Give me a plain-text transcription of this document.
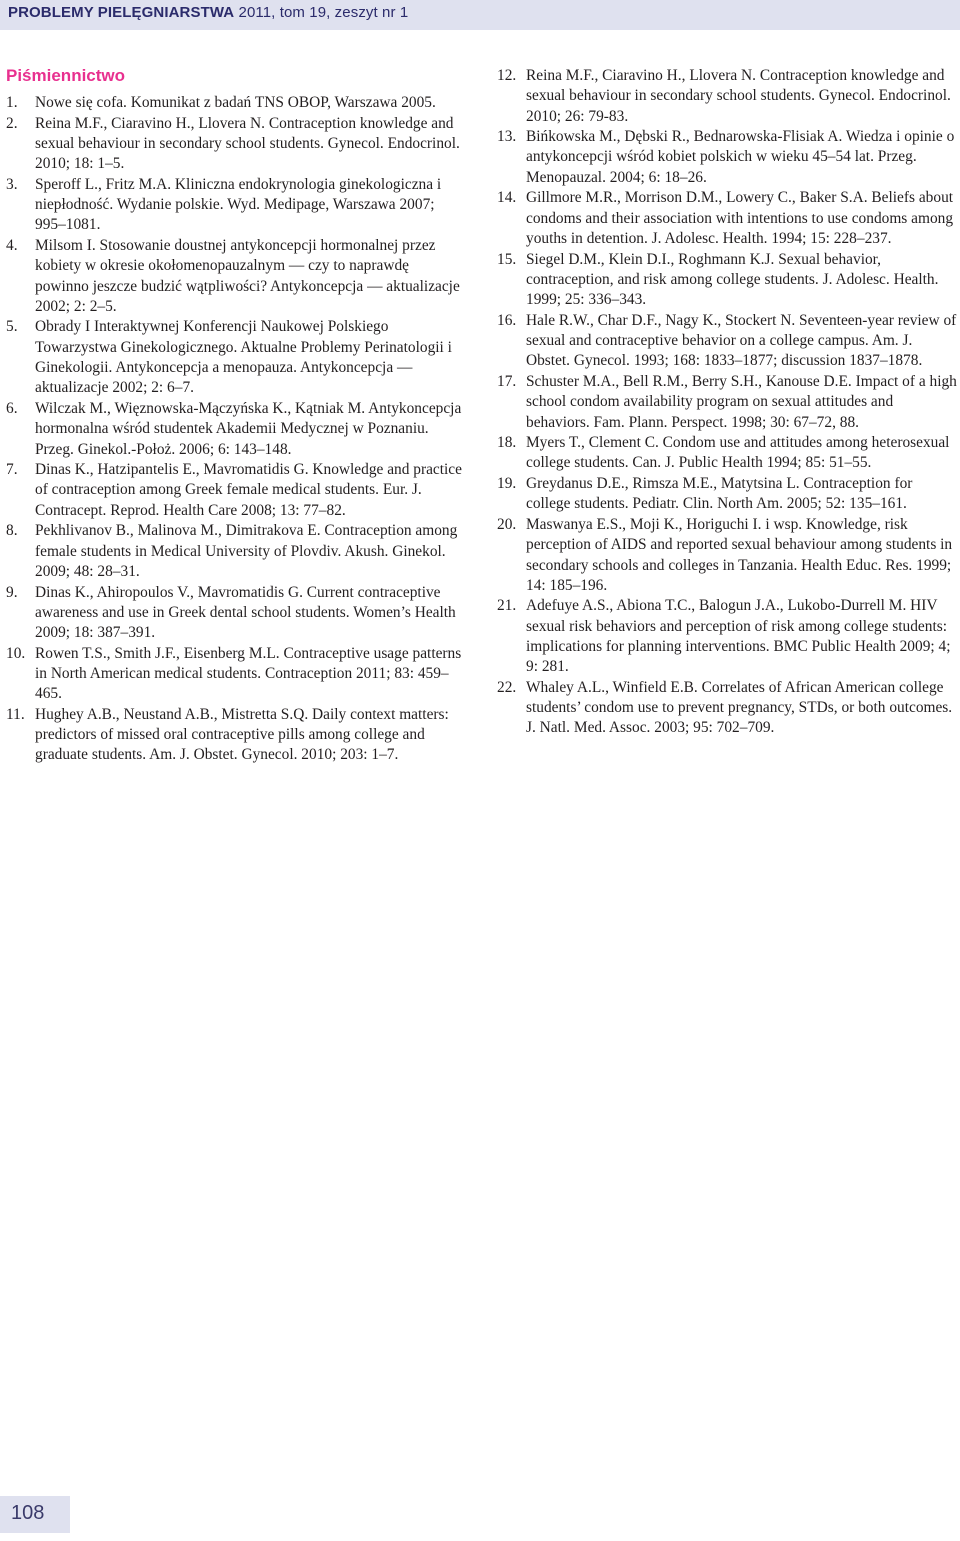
PROBLEMY PIELĘGNIARSTWA 2011, tom 19, zeszyt nr 1
Piśmiennictwo
1. Nowe się cofa. Komunikat z badań TNS OBOP, Warszawa 2005.
2. Reina M.F., Ciaravino H., Llovera N. Contraception knowledge and sexual behaviour in secondary school students. Gynecol. Endocrinol. 2010; 18: 1–5.
3. Speroff L., Fritz M.A. Kliniczna endokrynologia ginekologiczna i niepłodność. Wydanie polskie. Wyd. Medipage, Warszawa 2007; 995–1081.
4. Milsom I. Stosowanie doustnej antykoncepcji hormonalnej przez kobiety w okresie okołomenopauzalnym — czy to naprawdę powinno jeszcze budzić wątpliwości? Antykoncepcja — aktualizacje 2002; 2: 2–5.
5. Obrady I Interaktywnej Konferencji Naukowej Polskiego Towarzystwa Ginekologicznego. Aktualne Problemy Perinatologii i Ginekologii. Antykoncepcja a menopauza. Antykoncepcja — aktualizacje 2002; 2: 6–7.
6. Wilczak M., Więznowska-Mączyńska K., Kątniak M. Antykoncepcja hormonalna wśród studentek Akademii Medycznej w Poznaniu. Przeg. Ginekol.-Położ. 2006; 6: 143–148.
7. Dinas K., Hatzipantelis E., Mavromatidis G. Knowledge and practice of contraception among Greek female medical students. Eur. J. Contracept. Reprod. Health Care 2008; 13: 77–82.
8. Pekhlivanov B., Malinova M., Dimitrakova E. Contraception among female students in Medical University of Plovdiv. Akush. Ginekol. 2009; 48: 28–31.
9. Dinas K., Ahiropoulos V., Mavromatidis G. Current contraceptive awareness and use in Greek dental school students. Women’s Health 2009; 18: 387–391.
10. Rowen T.S., Smith J.F., Eisenberg M.L. Contraceptive usage patterns in North American medical students. Contraception 2011; 83: 459–465.
11. Hughey A.B., Neustand A.B., Mistretta S.Q. Daily context matters: predictors of missed oral contraceptive pills among college and graduate students. Am. J. Obstet. Gynecol. 2010; 203: 1–7.
12. Reina M.F., Ciaravino H., Llovera N. Contraception knowledge and sexual behaviour in secondary school students. Gynecol. Endocrinol. 2010; 26: 79-83.
13. Bińkowska M., Dębski R., Bednarowska-Flisiak A. Wiedza i opinie o antykoncepcji wśród kobiet polskich w wieku 45–54 lat. Przeg. Menopauzal. 2004; 6: 18–26.
14. Gillmore M.R., Morrison D.M., Lowery C., Baker S.A. Beliefs about condoms and their association with intentions to use condoms among youths in detention. J. Adolesc. Health. 1994; 15: 228–237.
15. Siegel D.M., Klein D.I., Roghmann K.J. Sexual behavior, contraception, and risk among college students. J. Adolesc. Health. 1999; 25: 336–343.
16. Hale R.W., Char D.F., Nagy K., Stockert N. Seventeen-year review of sexual and contraceptive behavior on a college campus. Am. J. Obstet. Gynecol. 1993; 168: 1833–1877; discussion 1837–1878.
17. Schuster M.A., Bell R.M., Berry S.H., Kanouse D.E. Impact of a high school condom availability program on sexual attitudes and behaviors. Fam. Plann. Perspect. 1998; 30: 67–72, 88.
18. Myers T., Clement C. Condom use and attitudes among heterosexual college students. Can. J. Public Health 1994; 85: 51–55.
19. Greydanus D.E., Rimsza M.E., Matytsina L. Contraception for college students. Pediatr. Clin. North Am. 2005; 52: 135–161.
20. Maswanya E.S., Moji K., Horiguchi I. i wsp. Knowledge, risk perception of AIDS and reported sexual behaviour among students in secondary schools and colleges in Tanzania. Health Educ. Res. 1999; 14: 185–196.
21. Adefuye A.S., Abiona T.C., Balogun J.A., Lukobo-Durrell M. HIV sexual risk behaviors and perception of risk among college students: implications for planning interventions. BMC Public Health 2009; 4; 9: 281.
22. Whaley A.L., Winfield E.B. Correlates of African American college students’ condom use to prevent pregnancy, STDs, or both outcomes. J. Natl. Med. Assoc. 2003; 95: 702–709.
108
